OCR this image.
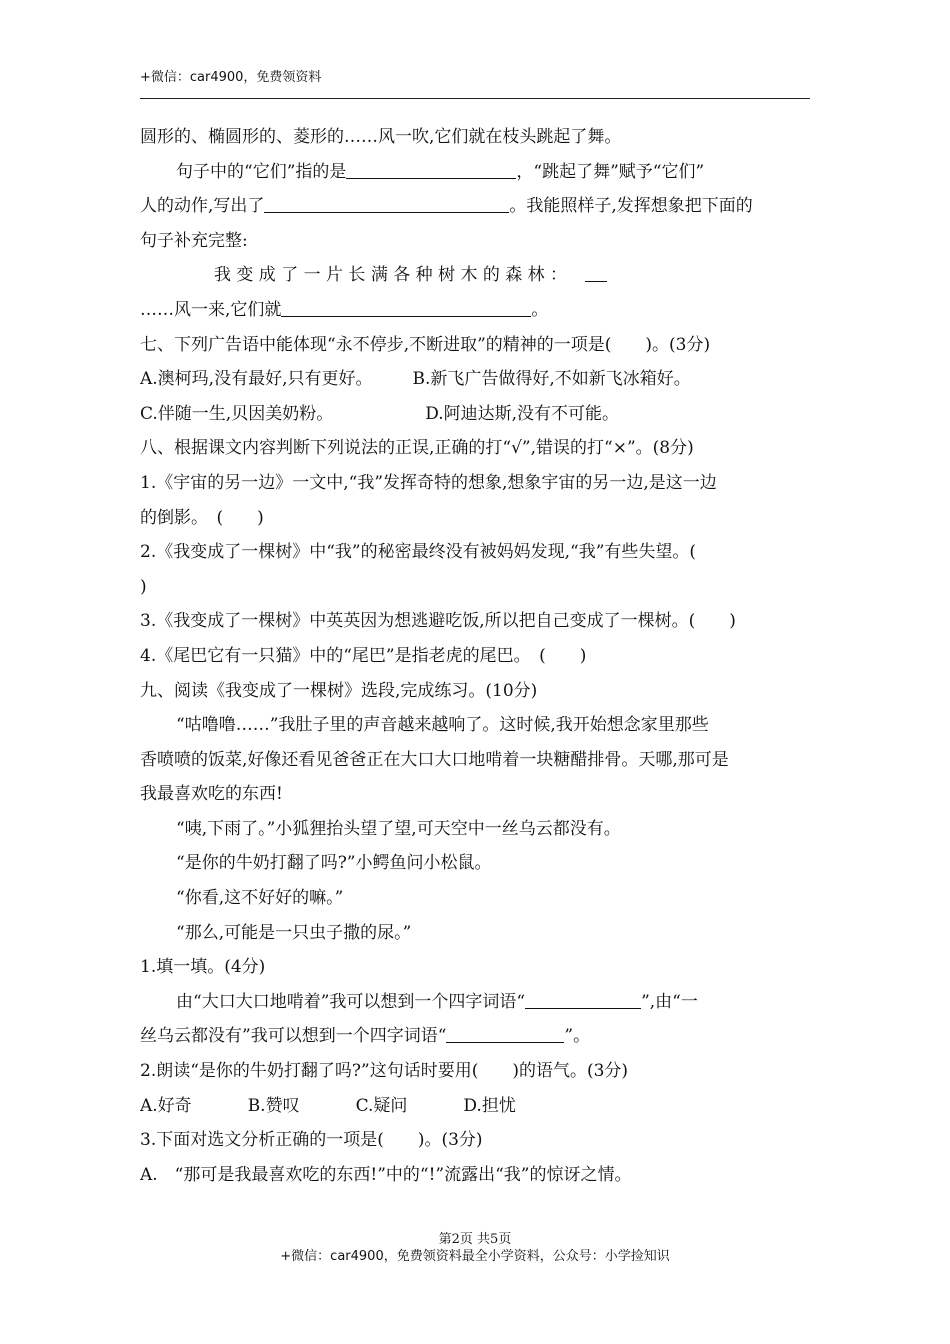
+微信：car4900，免费领资料
圆形的、椭圆形的、菱形的……风一吹,它们就在枝头跳起了舞。
句子中的“它们”指的是	，“跳起了舞”赋予“它们”
人的动作,写出了	。我能照样子,发挥想象把下面的
句子补充完整:
我 变 成 了 一 片 长 满 各 种 树 木 的 森 林 ：
……风一来,它们就	。
七、下列广告语中能体现“永不停步,不断进取”的精神的一项是(　　)。(3分)
A.澳柯玛,没有最好,只有更好。 B.新飞广告做得好,不如新飞冰箱好。
C.伴随一生,贝因美奶粉。	D.阿迪达斯,没有不可能。
八、根据课文内容判断下列说法的正误,正确的打“√”,错误的打“×”。(8分)
1.《宇宙的另一边》一文中,“我”发挥奇特的想象,想象宇宙的另一边,是这一边
的倒影。　(　　)
2.《我变成了一棵树》中“我”的秘密最终没有被妈妈发现,“我”有些失望。(
)
3.《我变成了一棵树》中英英因为想逃避吃饭,所以把自己变成了一棵树。(　　)
4.《尾巴它有一只猫》中的“尾巴”是指老虎的尾巴。　(　　)
九、阅读《我变成了一棵树》选段,完成练习。(10分)
“咕噜噜……”我肚子里的声音越来越响了。这时候,我开始想念家里那些
香喷喷的饭菜,好像还看见爸爸正在大口大口地啃着一块糖醋排骨。天哪,那可是
我最喜欢吃的东西!
“咦,下雨了。”小狐狸抬头望了望,可天空中一丝乌云都没有。
“是你的牛奶打翻了吗?”小鳄鱼问小松鼠。
“你看,这不好好的嘛。”
“那么,可能是一只虫子撒的尿。”
1.填一填。(4分)
由“大口大口地啃着”我可以想到一个四字词语“	”,由“一
丝乌云都没有”我可以想到一个四字词语“	”。
2.朗读“是你的牛奶打翻了吗?”这句话时要用(　　)的语气。(3分)
A.好奇	B.赞叹	C.疑问	D.担忧
3.下面对选文分析正确的一项是(　　)。(3分)
A.　“那可是我最喜欢吃的东西!”中的“!”流露出“我”的惊讶之情。
第2页 共5页
+微信：car4900，免费领资料最全小学资料，公众号：小学捡知识
